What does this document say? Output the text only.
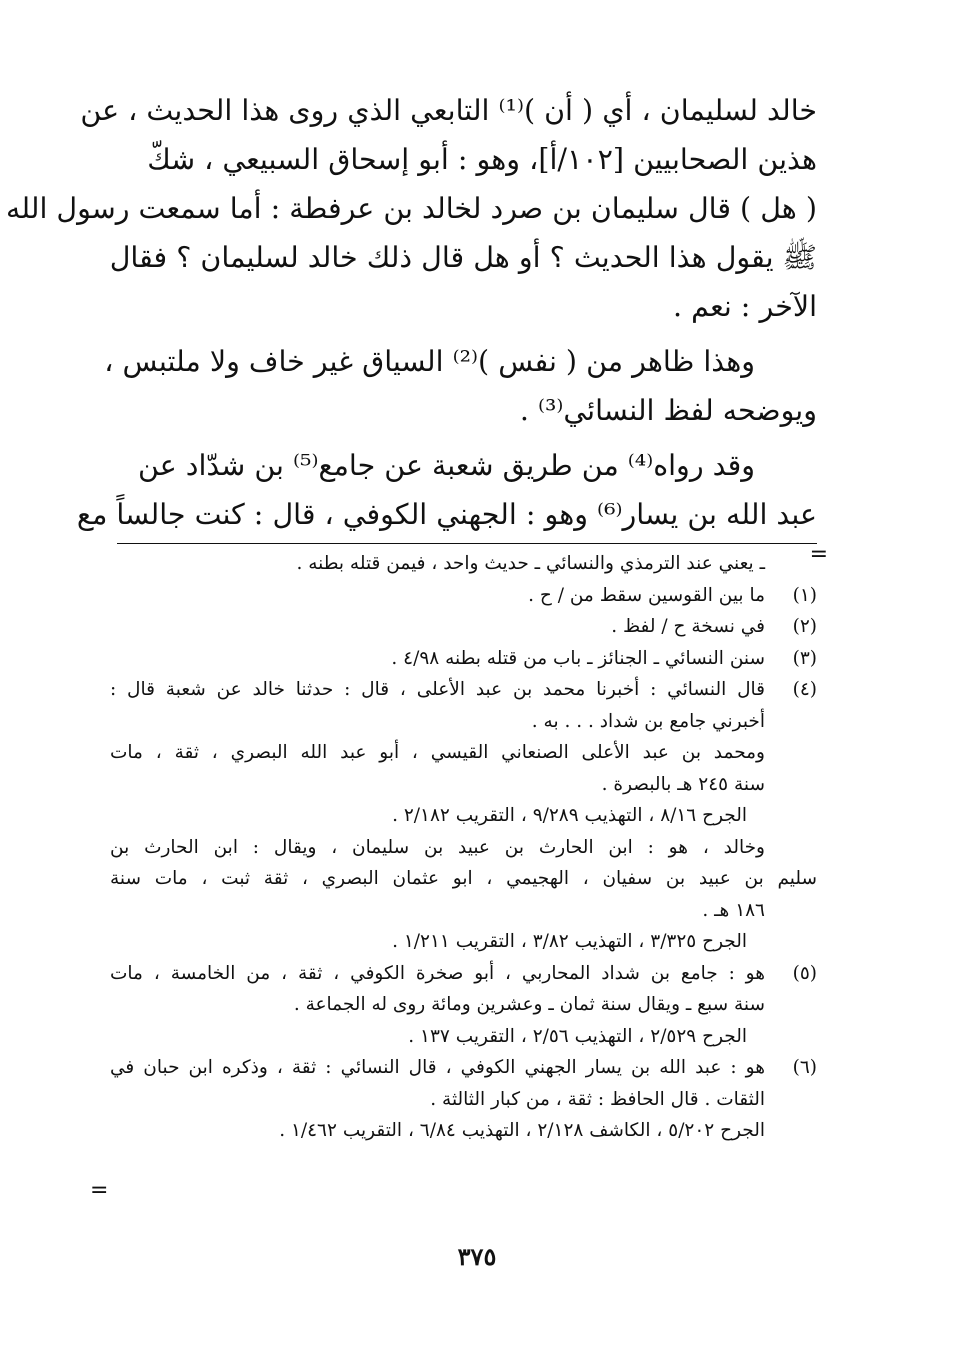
خالد لسليمان ، أي ( أن )⁽¹⁾ التابعي الذي روى هذا الحديث ، عن
هذين الصحابيين [١٠٢/أ]، وهو : أبو إسحاق السبيعي ، شكّ
( هل ) قال سليمان بن صرد لخالد بن عرفطة : أما سمعت رسول الله
ﷺ يقول هذا الحديث ؟ أو هل قال ذلك خالد لسليمان ؟ فقال
الآخر : نعم .

وهذا ظاهر من ( نفس )⁽²⁾ السياق غير خاف ولا ملتبس ،
ويوضحه لفظ النسائي⁽³⁾ .

وقد رواه⁽⁴⁾ من طريق شعبة عن جامع⁽⁵⁾ بن شدّاد عن
عبد الله بن يسار⁽⁶⁾ وهو : الجهني الكوفي ، قال : كنت جالساً مع

=
ـ يعني عند الترمذي والنسائي ـ حديث واحد ، فيمن قتله بطنه .
(١)ما بين القوسين سقط من / ح .
(٢)في نسخة ح / لفظ .
(٣)سنن النسائي ـ الجنائز ـ باب من قتله بطنه ٤/٩٨ .
(٤)قال النسائي : أخبرنا محمد بن عبد الأعلى ، قال : حدثنا خالد عن شعبة قال :
أخبرني جامع بن شداد . . . به .
ومحمد بن عبد الأعلى الصنعاني القيسي ، أبو عبد الله البصري ، ثقة ، مات
سنة ٢٤٥ هـ بالبصرة .
الجرح ٨/١٦ ، التهذيب ٩/٢٨٩ ، التقريب ٢/١٨٢ .
وخالد ، هو : ابن الحارث بن عبيد بن سليمان ، ويقال : ابن الحارث بن
سليم بن عبيد بن سفيان ، الهجيمي ، ابو عثمان البصري ، ثقة ثبت ، مات سنة
١٨٦ هـ .
الجرح ٣/٣٢٥ ، التهذيب ٣/٨٢ ، التقريب ١/٢١١ .
(٥)هو : جامع بن شداد المحاربي ، أبو صخرة الكوفي ، ثقة ، من الخامسة ، مات
سنة سبع ـ ويقال سنة ثمان ـ وعشرين ومائة روى له الجماعة .
الجرح ٢/٥٢٩ ، التهذيب ٢/٥٦ ، التقريب ١٣٧ .
(٦)هو : عبد الله بن يسار الجهني الكوفي ، قال النسائي : ثقة ، وذكره ابن حبان في
الثقات . قال الحافظ : ثقة ، من كبار الثالثة .
الجرح ٥/٢٠٢ ، الكاشف ٢/١٢٨ ، التهذيب ٦/٨٤ ، التقريب ١/٤٦٢ .
=
٣٧٥
